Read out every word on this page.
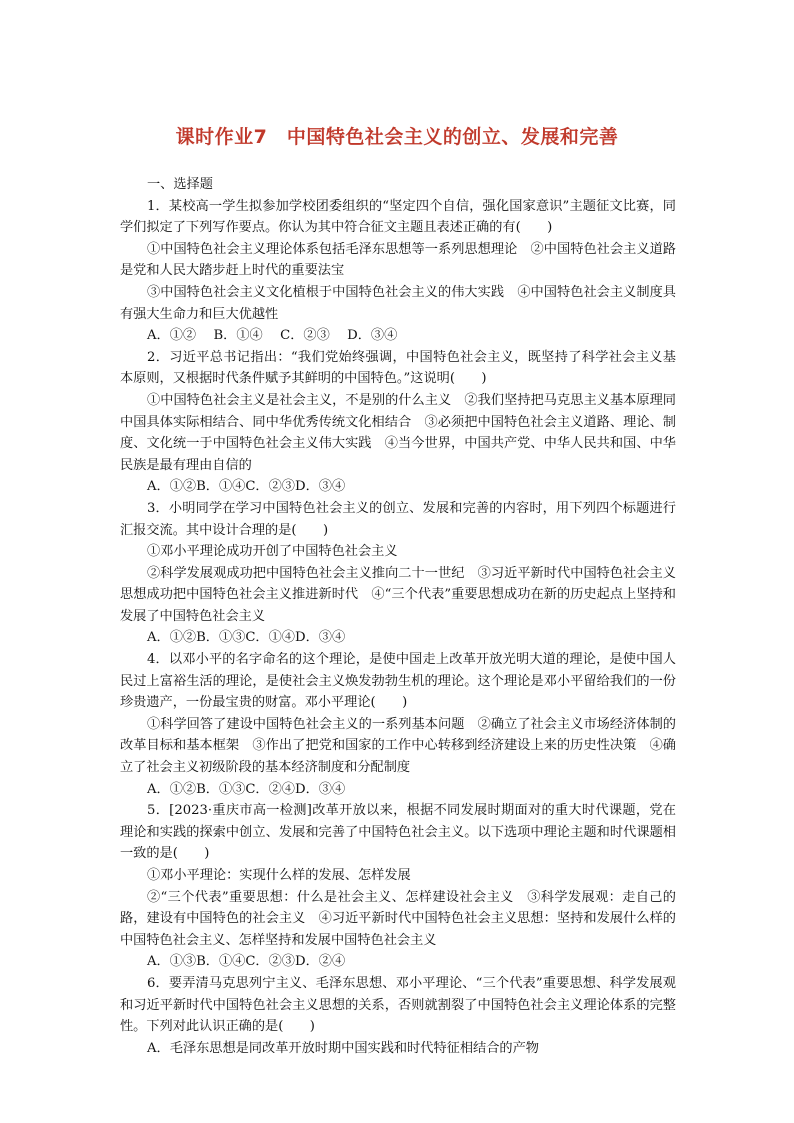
课时作业7　中国特色社会主义的创立、发展和完善

一、选择题

1．某校高一学生拟参加学校团委组织的“坚定四个自信，强化国家意识”主题征文比赛，同学们拟定了下列写作要点。你认为其中符合征文主题且表述正确的有(　　)

①中国特色社会主义理论体系包括毛泽东思想等一系列思想理论　②中国特色社会主义道路是党和人民大踏步赶上时代的重要法宝

③中国特色社会主义文化植根于中国特色社会主义的伟大实践　④中国特色社会主义制度具有强大生命力和巨大优越性

A．①②　 B．①④　 C．②③　 D．③④

2．习近平总书记指出：“我们党始终强调，中国特色社会主义，既坚持了科学社会主义基本原则，又根据时代条件赋予其鲜明的中国特色。”这说明(　　)

①中国特色社会主义是社会主义，不是别的什么主义　②我们坚持把马克思主义基本原理同中国具体实际相结合、同中华优秀传统文化相结合　③必须把中国特色社会主义道路、理论、制度、文化统一于中国特色社会主义伟大实践　④当今世界，中国共产党、中华人民共和国、中华民族是最有理由自信的

A．①②B．①④C．②③D．③④

3．小明同学在学习中国特色社会主义的创立、发展和完善的内容时，用下列四个标题进行汇报交流。其中设计合理的是(　　)

①邓小平理论成功开创了中国特色社会主义

②科学发展观成功把中国特色社会主义推向二十一世纪　③习近平新时代中国特色社会主义思想成功把中国特色社会主义推进新时代　④“三个代表”重要思想成功在新的历史起点上坚持和发展了中国特色社会主义

A．①②B．①③C．①④D．③④

4．以邓小平的名字命名的这个理论，是使中国走上改革开放光明大道的理论，是使中国人民过上富裕生活的理论，是使社会主义焕发勃勃生机的理论。这个理论是邓小平留给我们的一份珍贵遗产，一份最宝贵的财富。邓小平理论(　　)

①科学回答了建设中国特色社会主义的一系列基本问题　②确立了社会主义市场经济体制的改革目标和基本框架　③作出了把党和国家的工作中心转移到经济建设上来的历史性决策　④确立了社会主义初级阶段的基本经济制度和分配制度

A．①②B．①③C．②④D．③④

5．[2023·重庆市高一检测]改革开放以来，根据不同发展时期面对的重大时代课题，党在理论和实践的探索中创立、发展和完善了中国特色社会主义。以下选项中理论主题和时代课题相一致的是(　　)

①邓小平理论：实现什么样的发展、怎样发展

②“三个代表”重要思想：什么是社会主义、怎样建设社会主义　③科学发展观：走自己的路，建设有中国特色的社会主义　④习近平新时代中国特色社会主义思想：坚持和发展什么样的中国特色社会主义、怎样坚持和发展中国特色社会主义

A．①③B．①④C．②③D．②④

6．要弄清马克思列宁主义、毛泽东思想、邓小平理论、“三个代表”重要思想、科学发展观和习近平新时代中国特色社会主义思想的关系，否则就割裂了中国特色社会主义理论体系的完整性。下列对此认识正确的是(　　)

A．毛泽东思想是同改革开放时期中国实践和时代特征相结合的产物
